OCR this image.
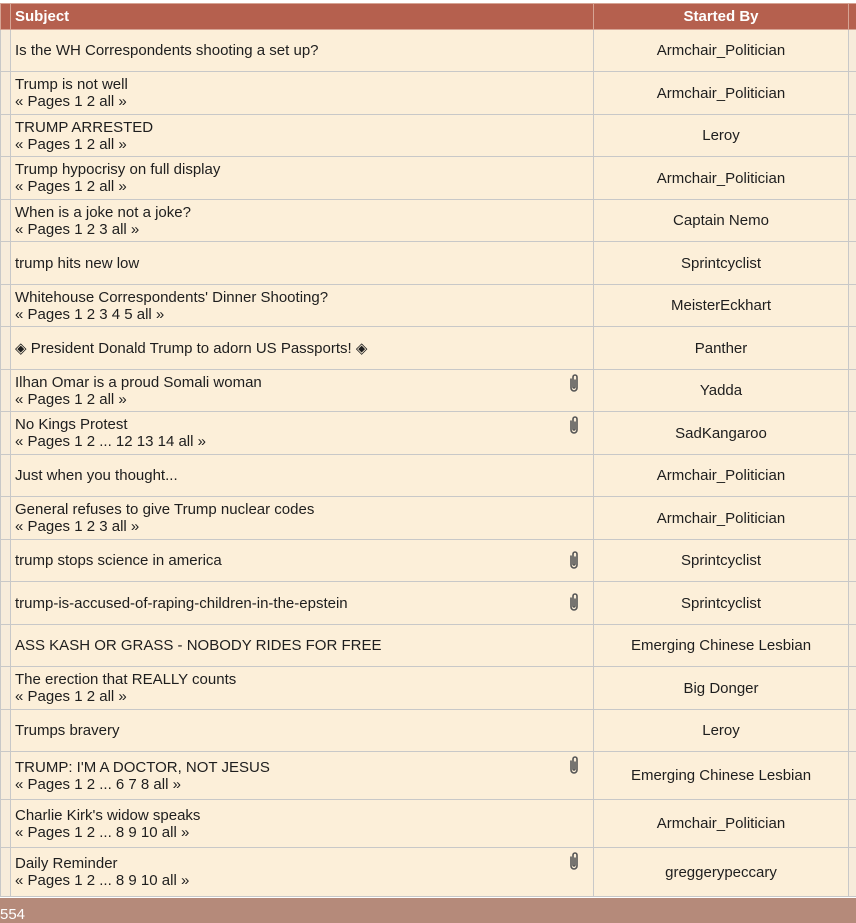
	Subject	Started By	

	Is the WH Correspondents shooting a set up?	Armchair_Politician	

	Trump is not well
« Pages 1 2 all »	Armchair_Politician	

	TRUMP ARRESTED
« Pages 1 2 all »	Leroy	

	Trump hypocrisy on full display
« Pages 1 2 all »	Armchair_Politician	

	When is a joke not a joke?
« Pages 1 2 3 all »	Captain Nemo	

	trump hits new low	Sprintcyclist	

	Whitehouse Correspondents' Dinner Shooting?
« Pages 1 2 3 4 5 all »	MeisterEckhart	

	◈ President Donald Trump to adorn US Passports! ◈	Panther	

	Ilhan Omar is a proud Somali woman
« Pages 1 2 all »	Yadda	

	No Kings Protest
« Pages 1 2 ... 12 13 14 all »	SadKangaroo	

	Just when you thought...	Armchair_Politician	

	General refuses to give Trump nuclear codes
« Pages 1 2 3 all »	Armchair_Politician	

	trump stops science in america	Sprintcyclist	

	trump-is-accused-of-raping-children-in-the-epstein	Sprintcyclist	

	ASS KASH OR GRASS - NOBODY RIDES FOR FREE	Emerging Chinese Lesbian	

	The erection that REALLY counts
« Pages 1 2 all »	Big Donger	

	Trumps bravery	Leroy	

	TRUMP: I'M A DOCTOR, NOT JESUS
« Pages 1 2 ... 6 7 8 all »	Emerging Chinese Lesbian	

	Charlie Kirk's widow speaks
« Pages 1 2 ... 8 9 10 all »	Armchair_Politician	

	Daily Reminder
« Pages 1 2 ... 8 9 10 all »	greggerypeccary	
554
